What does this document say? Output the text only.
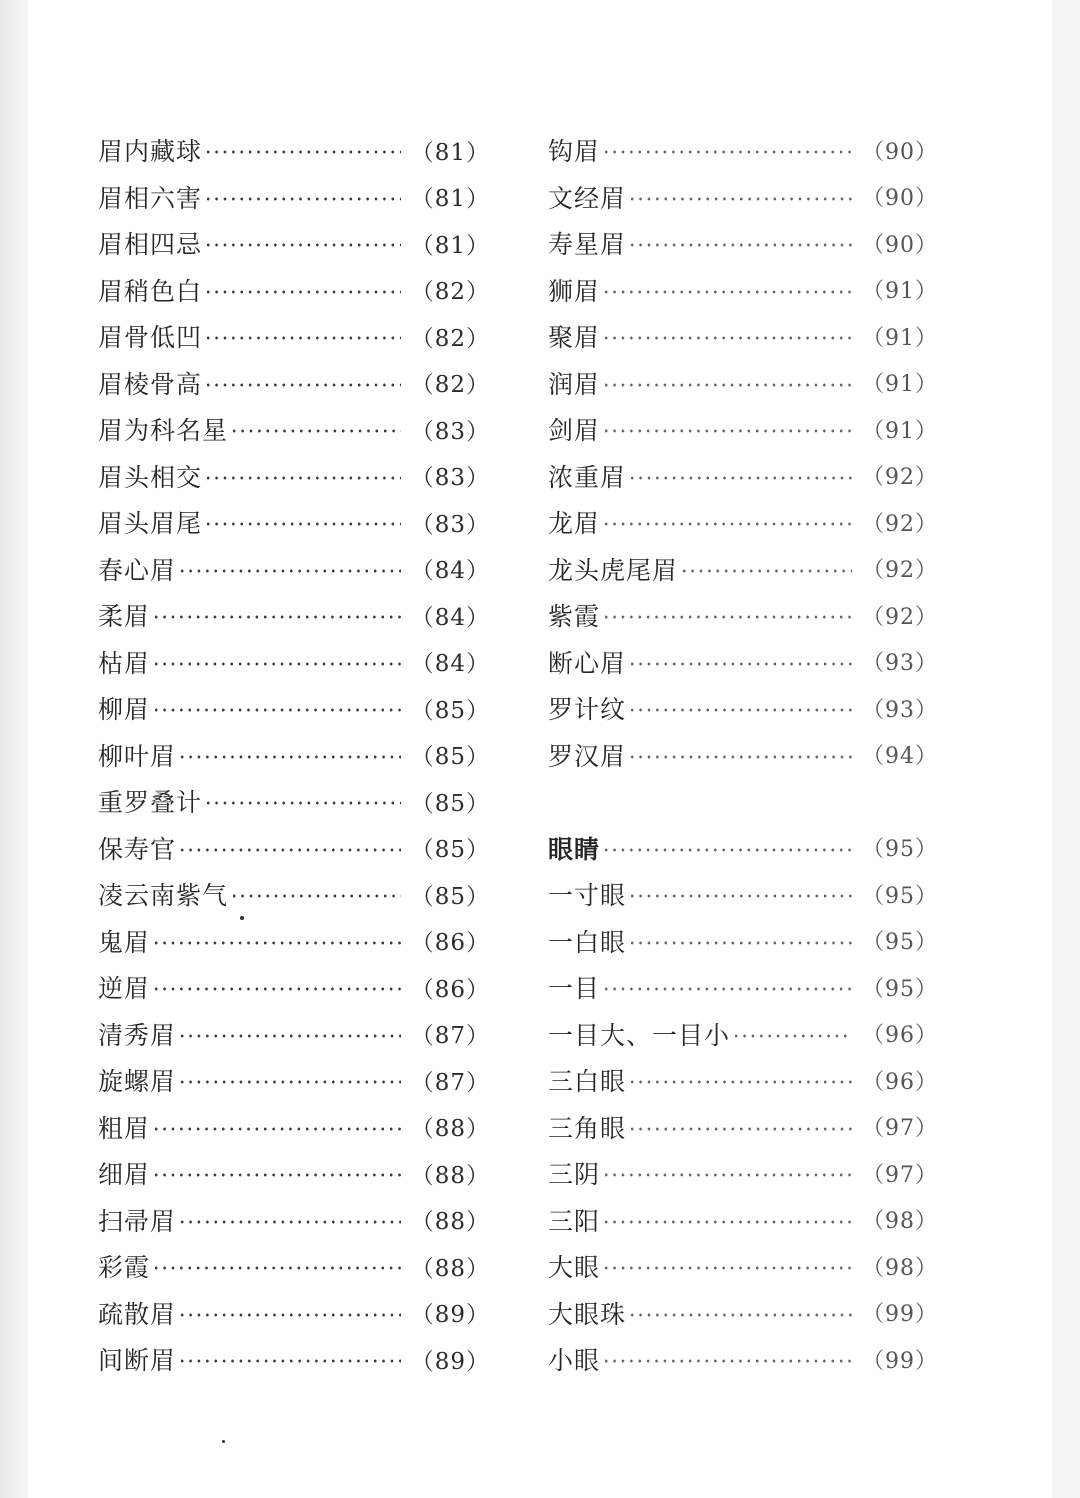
眉内藏球	（81）
眉相六害	（81）
眉相四忌	（81）
眉稍色白	（82）
眉骨低凹	（82）
眉棱骨高	（82）
眉为科名星	（83）
眉头相交	（83）
眉头眉尾	（83）
春心眉	（84）
柔眉	（84）
枯眉	（84）
柳眉	（85）
柳叶眉	（85）
重罗叠计	（85）
保寿官	（85）
凌云南紫气	（85）
鬼眉	（86）
逆眉	（86）
清秀眉	（87）
旋螺眉	（87）
粗眉	（88）
细眉	（88）
扫帚眉	（88）
彩霞	（88）
疏散眉	（89）
间断眉	（89）
钩眉	（90）
文经眉	（90）
寿星眉	（90）
狮眉	（91）
聚眉	（91）
润眉	（91）
剑眉	（91）
浓重眉	（92）
龙眉	（92）
龙头虎尾眉	（92）
紫霞	（92）
断心眉	（93）
罗计纹	（93）
罗汉眉	（94）
眼睛	（95）
一寸眼	（95）
一白眼	（95）
一目	（95）
一目大、一目小	（96）
三白眼	（96）
三角眼	（97）
三阴	（97）
三阳	（98）
大眼	（98）
大眼珠	（99）
小眼	（99）
